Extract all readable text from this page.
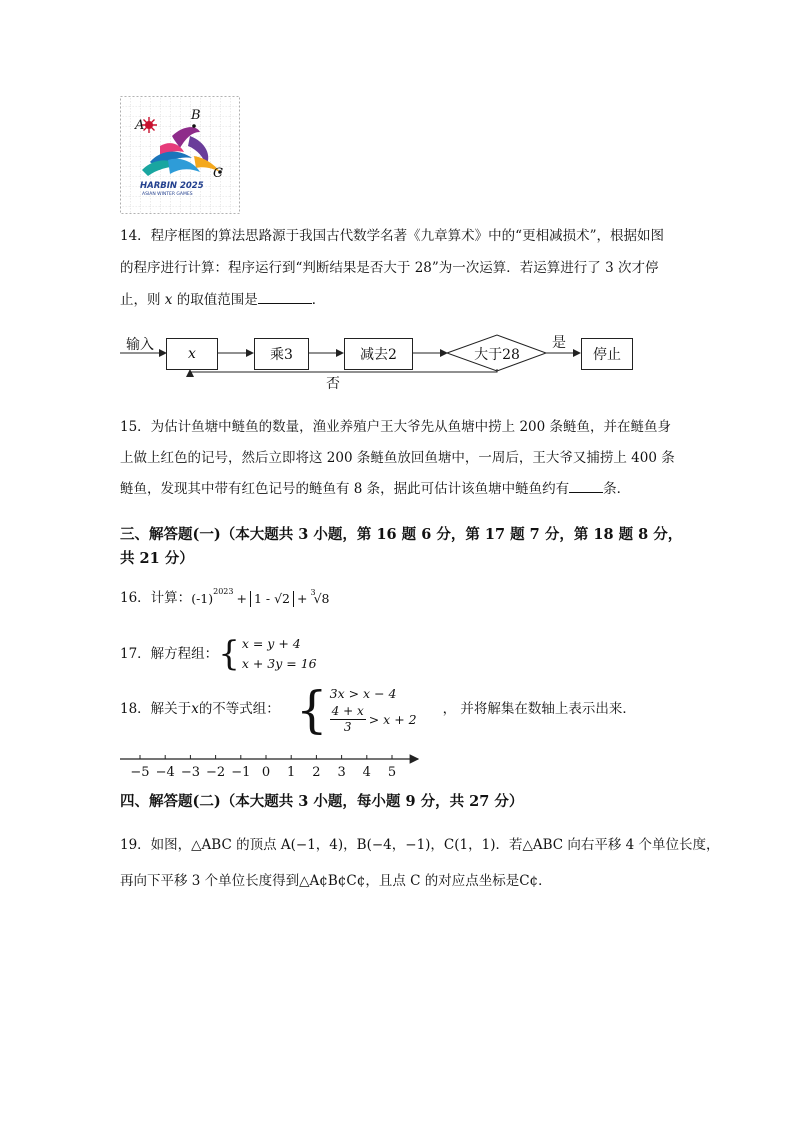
A
B
C
HARBIN 2025
ASIAN WINTER GAMES
14．程序框图的算法思路源于我国古代数学名著《九章算术》中的“更相减损术”，根据如图
的程序进行计算：程序运行到“判断结果是否大于 28”为一次运算．若运算进行了 3 次才停
止，则 x 的取值范围是	．
输入
x	乘3	减去2	大于28
是
停止
否
15．为估计鱼塘中鲢鱼的数量，渔业养殖户王大爷先从鱼塘中捞上 200 条鲢鱼，并在鲢鱼身
上做上红色的记号，然后立即将这 200 条鲢鱼放回鱼塘中，一周后，王大爷又捕捞上 400 条
鲢鱼，发现其中带有红色记号的鲢鱼有 8 条，据此可估计该鱼塘中鲢鱼约有	条．
三、解答题(一)（本大题共 3 小题，第 16 题 6 分，第 17 题 7 分，第 18 题 8 分，
共 21 分）
16．计算： (-1) 2023 + 1 - √2 + 3
√8
17．解方程组： { x = y + 4
x + 3y = 16
18．解关于 x 的不等式组： { 3x > x − 4
$\frac{4 + x}{3} > x + 2$
， 并将解集在数轴上表示出来．
−5 −4 −3 −2 −1 0 1 2 3 4 5
四、解答题(二)（本大题共 3 小题，每小题 9 分，共 27 分）
19．如图，△ABC 的顶点 A(−1，4)，B(−4，−1)，C(1，1)．若△ABC 向右平移 4 个单位长度，
再向下平移 3 个单位长度得到△A¢B¢C¢，且点 C 的对应点坐标是C¢．
